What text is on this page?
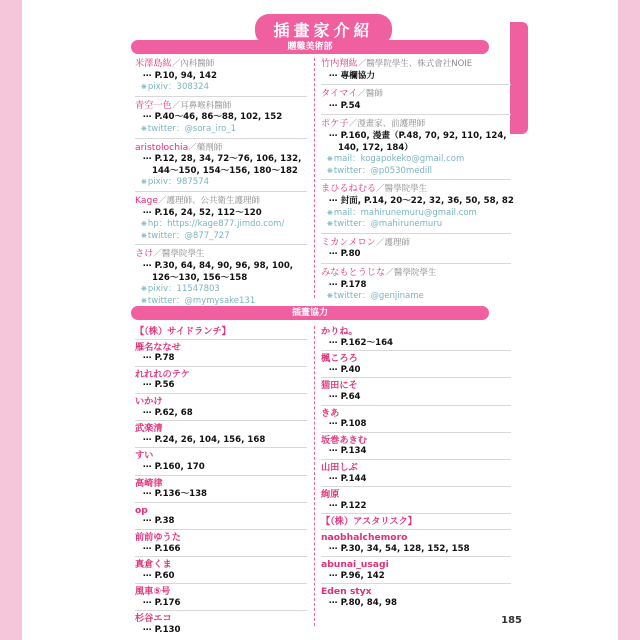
插畫家介紹
贈難美術部
米澤島紘／內科醫師
⋯ P.10, 94, 142
❋pixiv：308324
青空一色／耳鼻喉科醫師
⋯ P.40～46, 86～88, 102, 152
❋twitter：@sora_iro_1
aristolochia／藥劑師
⋯ P.12, 28, 34, 72～76, 106, 132,
144～150, 154～156, 180～182
❋pixiv：987574
Kage／護理師、公共衛生護理師
⋯ P.16, 24, 52, 112～120
❋hp：https://kage877.jimdo.com/
❋twitter：@877_727
さけ／醫學院學生
⋯ P.30, 64, 84, 90, 96, 98, 100,
126～130, 156～158
❋pixiv：11547803
❋twitter：@mymysake131
竹内翔紘／醫學院學生、株式會社NOIE
⋯ 專欄協力
タイマイ／醫師
⋯ P.54
ポケ子／漫畫家、前護理師
⋯ P.160, 漫畫（P.48, 70, 92, 110, 124,
140, 172, 184）
❋mail：kogapokeko@gmail.com
❋twitter：@p0530medill
まひるねむる／醫學院學生
⋯ 封面, P.14, 20～22, 32, 36, 50, 58, 82
❋mail：mahirunemuru@gmail.com
❋twitter：@mahirunemuru
ミカンメロン／護理師
⋯ P.80
みなもとうじな／醫學院學生
⋯ P.178
❋twitter：@genjiname
插畫協力
【（株）サイドランチ】
雁名ななせ
⋯ P.78
れれれのテケ
⋯ P.56
いかけ
⋯ P.62, 68
武楽清
⋯ P.24, 26, 104, 156, 168
すい
⋯ P.160, 170
高崎律
⋯ P.136～138
op
⋯ P.38
前前ゆうた
⋯ P.166
真倉くま
⋯ P.60
風車⑤号
⋯ P.176
杉谷エコ
⋯ P.130
かりね。
⋯ P.162～164
楓ころろ
⋯ P.40
猫田にそ
⋯ P.64
きあ
⋯ P.108
坂巻あきむ
⋯ P.134
山田しぶ
⋯ P.144
絢原
⋯ P.122
【（株）アスタリスク】
naobhalchemoro
⋯ P.30, 34, 54, 128, 152, 158
abunai_usagi
⋯ P.96, 142
Eden styx
⋯ P.80, 84, 98
185
